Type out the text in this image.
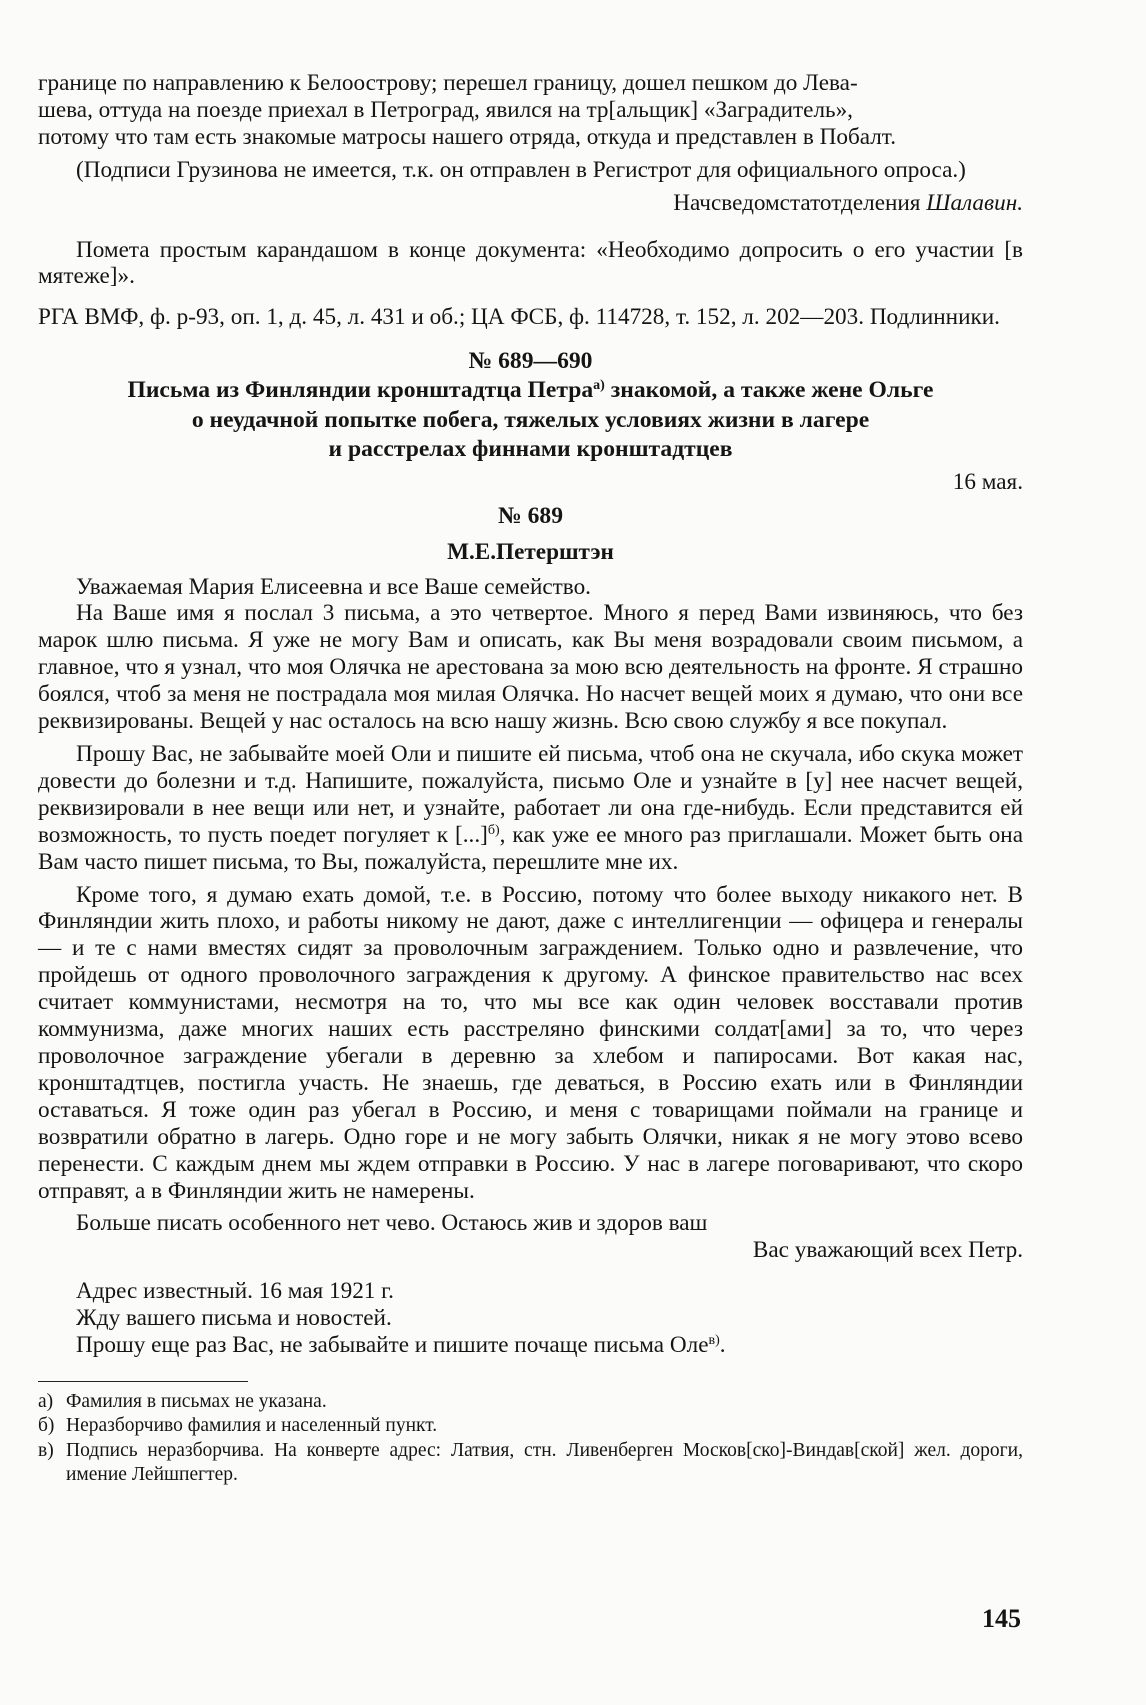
границе по направлению к Белоострову; перешел границу, дошел пешком до Лева-
шева, оттуда на поезде приехал в Петроград, явился на тр[альщик] «Заградитель»,
потому что там есть знакомые матросы нашего отряда, откуда и представлен в Побалт.

(Подписи Грузинова не имеется, т.к. он отправлен в Регистрот для официального опроса.)

Начсведомстатотделения Шалавин.

Помета простым карандашом в конце документа: «Необходимо допросить о его участии [в мятеже]».

РГА ВМФ, ф. р-93, оп. 1, д. 45, л. 431 и об.; ЦА ФСБ, ф. 114728, т. 152, л. 202—203. Подлинники.

№ 689—690

Письма из Финляндии кронштадтца Петра$^{а)}$ знакомой, а также жене Ольге
о неудачной попытке побега, тяжелых условиях жизни в лагере
и расстрелах финнами кронштадтцев

16 мая.

№ 689

М.Е.Петерштэн

Уважаемая Мария Елисеевна и все Ваше семейство.

На Ваше имя я послал 3 письма, а это четвертое. Много я перед Вами извиняюсь, что без марок шлю письма. Я уже не могу Вам и описать, как Вы меня возрадовали своим письмом, а главное, что я узнал, что моя Олячка не арестована за мою всю деятельность на фронте. Я страшно боялся, чтоб за меня не пострадала моя милая Олячка. Но насчет вещей моих я думаю, что они все реквизированы. Вещей у нас осталось на всю нашу жизнь. Всю свою службу я все покупал.

Прошу Вас, не забывайте моей Оли и пишите ей письма, чтоб она не скучала, ибо скука может довести до болезни и т.д. Напишите, пожалуйста, письмо Оле и узнайте в [у] нее насчет вещей, реквизировали в нее вещи или нет, и узнайте, работает ли она где-нибудь. Если представится ей возможность, то пусть поедет погуляет к [...]$^{б)}$, как уже ее много раз приглашали. Может быть она Вам часто пишет письма, то Вы, пожалуйста, перешлите мне их.

Кроме того, я думаю ехать домой, т.е. в Россию, потому что более выходу никакого нет. В Финляндии жить плохо, и работы никому не дают, даже с интеллигенции — офицера и генералы — и те с нами вместях сидят за проволочным заграждением. Только одно и развлечение, что пройдешь от одного проволочного заграждения к другому. А финское правительство нас всех считает коммунистами, несмотря на то, что мы все как один человек восставали против коммунизма, даже многих наших есть расстреляно финскими солдат[ами] за то, что через проволочное заграждение убегали в деревню за хлебом и папиросами. Вот какая нас, кронштадтцев, постигла участь. Не знаешь, где деваться, в Россию ехать или в Финляндии оставаться. Я тоже один раз убегал в Россию, и меня с товарищами поймали на границе и возвратили обратно в лагерь. Одно горе и не могу забыть Олячки, никак я не могу этово всево перенести. С каждым днем мы ждем отправки в Россию. У нас в лагере поговаривают, что скоро отправят, а в Финляндии жить не намерены.

Больше писать особенного нет чево. Остаюсь жив и здоров ваш

Вас уважающий всех Петр.

Адрес известный. 16 мая 1921 г.

Жду вашего письма и новостей.

Прошу еще раз Вас, не забывайте и пишите почаще письма Оле$^{в)}$.

а) Фамилия в письмах не указана.

б) Неразборчиво фамилия и населенный пункт.

в) Подпись неразборчива. На конверте адрес: Латвия, стн. Ливенберген Москов[ско]-Виндав[ской] жел. дороги, имение Лейшпегтер.

145
